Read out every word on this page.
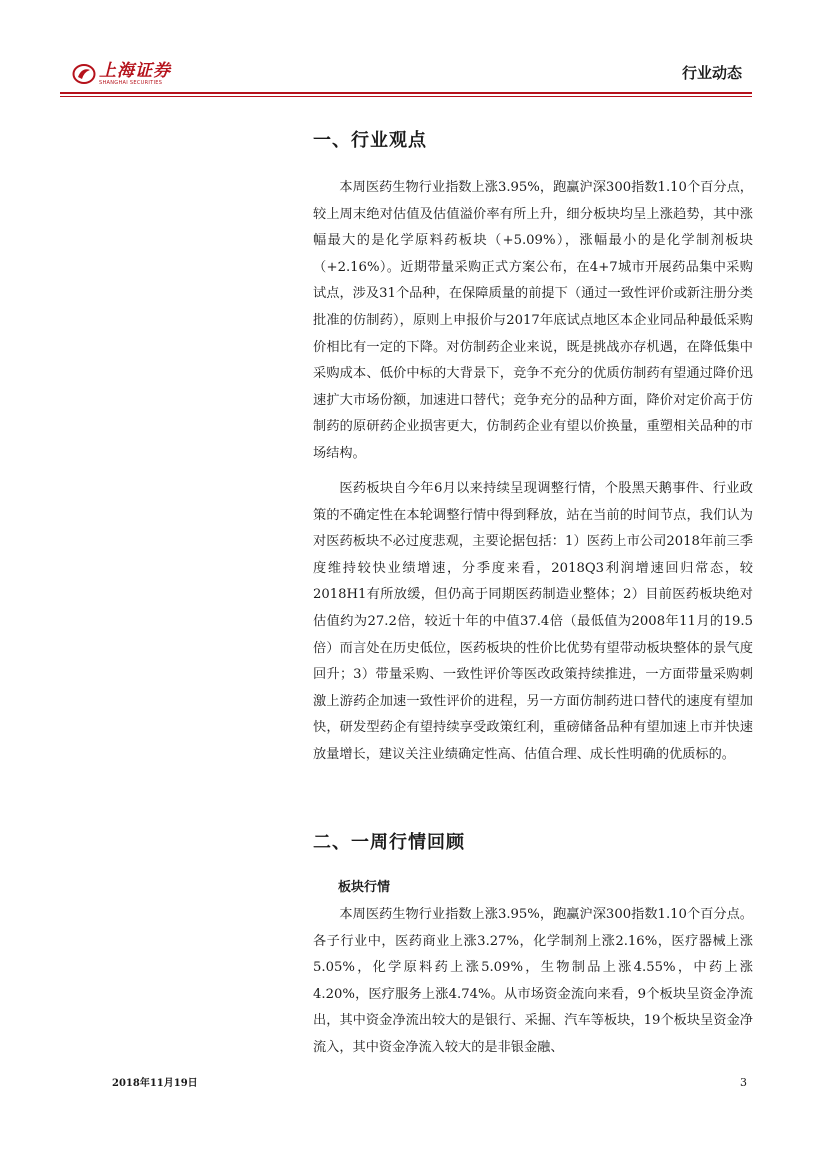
上海证券
SHANGHAI SECURITIES
行业动态
一、行业观点

本周医药生物行业指数上涨3.95%，跑赢沪深300指数1.10个百分点，较上周末绝对估值及估值溢价率有所上升，细分板块均呈上涨趋势，其中涨幅最大的是化学原料药板块（+5.09%），涨幅最小的是化学制剂板块（+2.16%）。近期带量采购正式方案公布，在4+7城市开展药品集中采购试点，涉及31个品种，在保障质量的前提下（通过一致性评价或新注册分类批准的仿制药），原则上申报价与2017年底试点地区本企业同品种最低采购价相比有一定的下降。对仿制药企业来说，既是挑战亦存机遇，在降低集中采购成本、低价中标的大背景下，竞争不充分的优质仿制药有望通过降价迅速扩大市场份额，加速进口替代；竞争充分的品种方面，降价对定价高于仿制药的原研药企业损害更大，仿制药企业有望以价换量，重塑相关品种的市场结构。

医药板块自今年6月以来持续呈现调整行情，个股黑天鹅事件、行业政策的不确定性在本轮调整行情中得到释放，站在当前的时间节点，我们认为对医药板块不必过度悲观，主要论据包括：1）医药上市公司2018年前三季度维持较快业绩增速，分季度来看，2018Q3利润增速回归常态，较2018H1有所放缓，但仍高于同期医药制造业整体；2）目前医药板块绝对估值约为27.2倍，较近十年的中值37.4倍（最低值为2008年11月的19.5倍）而言处在历史低位，医药板块的性价比优势有望带动板块整体的景气度回升；3）带量采购、一致性评价等医改政策持续推进，一方面带量采购刺激上游药企加速一致性评价的进程，另一方面仿制药进口替代的速度有望加快，研发型药企有望持续享受政策红利，重磅储备品种有望加速上市并快速放量增长，建议关注业绩确定性高、估值合理、成长性明确的优质标的。

二、一周行情回顾
板块行情

本周医药生物行业指数上涨3.95%，跑赢沪深300指数1.10个百分点。各子行业中，医药商业上涨3.27%，化学制剂上涨2.16%，医疗器械上涨5.05%，化学原料药上涨5.09%，生物制品上涨4.55%，中药上涨4.20%，医疗服务上涨4.74%。从市场资金流向来看，9个板块呈资金净流出，其中资金净流出较大的是银行、采掘、汽车等板块，19个板块呈资金净流入，其中资金净流入较大的是非银金融、

2018年11月19日	3
